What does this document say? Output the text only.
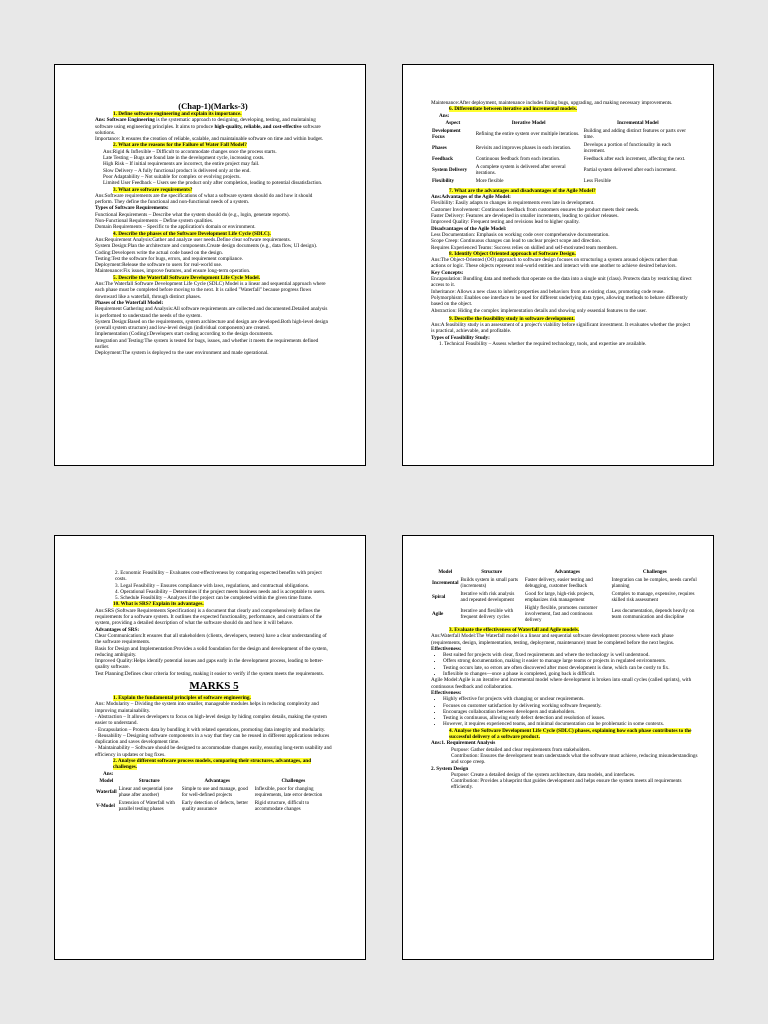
(Chap-1)(Marks-3)

1. Define software engineering and explain its importance.

Ans: Software Engineering is the systematic approach to designing, developing, testing, and maintaining software using engineering principles. It aims to produce high-quality, reliable, and cost-effective software solutions.

Importance: It ensures the creation of reliable, scalable, and maintainable software on time and within budget.

2. What are the reasons for the Failure of Water Fall Model?

Ans:Rigid & Inflexible – Difficult to accommodate changes once the process starts.

Late Testing – Bugs are found late in the development cycle, increasing costs.

High Risk – If initial requirements are incorrect, the entire project may fail.

Slow Delivery – A fully functional product is delivered only at the end.

Poor Adaptability – Not suitable for complex or evolving projects.

Limited User Feedback – Users see the product only after completion, leading to potential dissatisfaction.

3. What are software requirements?

Ans:Software requirements are the specifications of what a software system should do and how it should perform. They define the functional and non-functional needs of a system.

Types of Software Requirements:

Functional Requirements – Describe what the system should do (e.g., login, generate reports).

Non-Functional Requirements – Define system qualities.

Domain Requirements – Specific to the application's domain or environment.

4. Describe the phases of the Software Development Life Cycle (SDLC).

Ans:Requirement Analysis:Gather and analyze user needs.Define clear software requirements.

System Design:Plan the architecture and components.Create design documents (e.g., data flow, UI design).

Coding:Developers write the actual code based on the design.

Testing:Test the software for bugs, errors, and requirement compliance.

Deployment:Release the software to users for real-world use.

Maintenance:Fix issues, improve features, and ensure long-term operation.

5. Describe the Waterfall Software Development Life Cycle Model.

Ans:The Waterfall Software Development Life Cycle (SDLC) Model is a linear and sequential approach where each phase must be completed before moving to the next. It is called "Waterfall" because progress flows downward like a waterfall, through distinct phases.

Phases of the Waterfall Model:

Requirement Gathering and Analysis:All software requirements are collected and documented.Detailed analysis is performed to understand the needs of the system.

System Design:Based on the requirements, system architecture and design are developed.Both high-level design (overall system structure) and low-level design (individual components) are created.

Implementation (Coding):Developers start coding according to the design documents.

Integration and Testing:The system is tested for bugs, issues, and whether it meets the requirements defined earlier.

Deployment:The system is deployed to the user environment and made operational.

Maintenance:After deployment, maintenance includes fixing bugs, upgrading, and making necessary improvements.

6. Differentiate between iterative and incremental models.

Ans:

Aspect	Iterative Model	Incremental Model
Development Focus	Refining the entire system over multiple iterations.	Building and adding distinct features or parts over time.
Phases	Revisits and improves phases in each iteration.	Develops a portion of functionality in each increment.
Feedback	Continuous feedback from each iteration.	Feedback after each increment, affecting the next.
System Delivery	A complete system is delivered after several iterations.	Partial system delivered after each increment.
Flexibility	More flexible	Less Flexible

7. What are the advantages and disadvantages of the Agile Model?

Ans:Advantages of the Agile Model:

Flexibility: Easily adapts to changes in requirements even late in development.

Customer Involvement: Continuous feedback from customers ensures the product meets their needs.

Faster Delivery: Features are developed in smaller increments, leading to quicker releases.

Improved Quality: Frequent testing and revisions lead to higher quality.

Disadvantages of the Agile Model:

Less Documentation: Emphasis on working code over comprehensive documentation.

Scope Creep: Continuous changes can lead to unclear project scope and direction.

Requires Experienced Teams: Success relies on skilled and self-motivated team members.

8. Identify Object Oriented approach of Software Design.

Ans:The Object-Oriented (OO) approach to software design focuses on structuring a system around objects rather than actions or logic. These objects represent real-world entities and interact with one another to achieve desired behaviors.

Key Concepts:

Encapsulation: Bundling data and methods that operate on the data into a single unit (class). Protects data by restricting direct access to it.

Inheritance: Allows a new class to inherit properties and behaviors from an existing class, promoting code reuse.

Polymorphism: Enables one interface to be used for different underlying data types, allowing methods to behave differently based on the object.

Abstraction: Hiding the complex implementation details and showing only essential features to the user.

9. Describe the feasibility study in software development.

Ans:A feasibility study is an assessment of a project's viability before significant investment. It evaluates whether the project is practical, achievable, and profitable.

Types of Feasibility Study:

1. Technical Feasibility – Assess whether the required technology, tools, and expertise are available.

2. Economic Feasibility – Evaluates cost-effectiveness by comparing expected benefits with project costs.

3. Legal Feasibility – Ensures compliance with laws, regulations, and contractual obligations.

4. Operational Feasibility – Determines if the project meets business needs and is acceptable to users.

5. Schedule Feasibility – Analyzes if the project can be completed within the given time frame.

10. What is SRS? Explain its advantages.

Ans:SRS (Software Requirements Specification) is a document that clearly and comprehensively defines the requirements for a software system. It outlines the expected functionality, performance, and constraints of the system, providing a detailed description of what the software should do and how it will behave.

Advantages of SRS:

Clear Communication:It ensures that all stakeholders (clients, developers, testers) have a clear understanding of the software requirements.

Basis for Design and Implementation:Provides a solid foundation for the design and development of the system, reducing ambiguity.

Improved Quality:Helps identify potential issues and gaps early in the development process, leading to better-quality software.

Test Planning:Defines clear criteria for testing, making it easier to verify if the system meets the requirements.

MARKS 5

1. Explain the fundamental principles of software engineering.

Ans: Modularity – Dividing the system into smaller, manageable modules helps in reducing complexity and improving maintainability.

· Abstraction – It allows developers to focus on high-level design by hiding complex details, making the system easier to understand.

· Encapsulation – Protects data by bundling it with related operations, promoting data integrity and modularity.

· Reusability – Designing software components in a way that they can be reused in different applications reduces duplication and saves development time.

· Maintainability – Software should be designed to accommodate changes easily, ensuring long-term usability and efficiency in updates or bug fixes.

2. Analyse different software process models, comparing their structures, advantages, and challenges.

Ans:

Model	Structure	Advantages	Challenges
Waterfall	Linear and sequential (one phase after another)	Simple to use and manage, good for well-defined projects	Inflexible, poor for changing requirements, late error detection
V-Model	Extension of Waterfall with parallel testing phases	Early detection of defects, better quality assurance	Rigid structure, difficult to accommodate changes
Model	Structure	Advantages	Challenges
Incremental	Builds system in small parts (increments)	Faster delivery, easier testing and debugging, customer feedback	Integration can be complex, needs careful planning
Spiral	Iterative with risk analysis and repeated development	Good for large, high-risk projects, emphasizes risk management	Complex to manage, expensive, requires skilled risk assessment
Agile	Iterative and flexible with frequent delivery cycles	Highly flexible, promotes customer involvement, fast and continuous delivery	Less documentation, depends heavily on team communication and discipline

3. Evaluate the effectiveness of Waterfall and Agile models.

Ans:Waterfall Model:The Waterfall model is a linear and sequential software development process where each phase (requirements, design, implementation, testing, deployment, maintenance) must be completed before the next begins.

Effectiveness:

• Best suited for projects with clear, fixed requirements and where the technology is well understood.
• Offers strong documentation, making it easier to manage large teams or projects in regulated environments.
• Testing occurs late, so errors are often discovered after most development is done, which can be costly to fix.
• Inflexible to changes—once a phase is completed, going back is difficult.

Agile Model:Agile is an iterative and incremental model where development is broken into small cycles (called sprints), with continuous feedback and collaboration.

Effectiveness:

• Highly effective for projects with changing or unclear requirements.
• Focuses on customer satisfaction by delivering working software frequently.
• Encourages collaboration between developers and stakeholders.
• Testing is continuous, allowing early defect detection and resolution of issues.
• However, it requires experienced teams, and minimal documentation can be problematic in some contexts.

4. Analyse the Software Development Life Cycle (SDLC) phases, explaining how each phase contributes to the successful delivery of a software product.

Ans:1. Requirement Analysis

Purpose: Gather detailed and clear requirements from stakeholders.

Contribution: Ensures the development team understands what the software must achieve, reducing misunderstandings and scope creep.

2. System Design

Purpose: Create a detailed design of the system architecture, data models, and interfaces.

Contribution: Provides a blueprint that guides development and helps ensure the system meets all requirements efficiently.
